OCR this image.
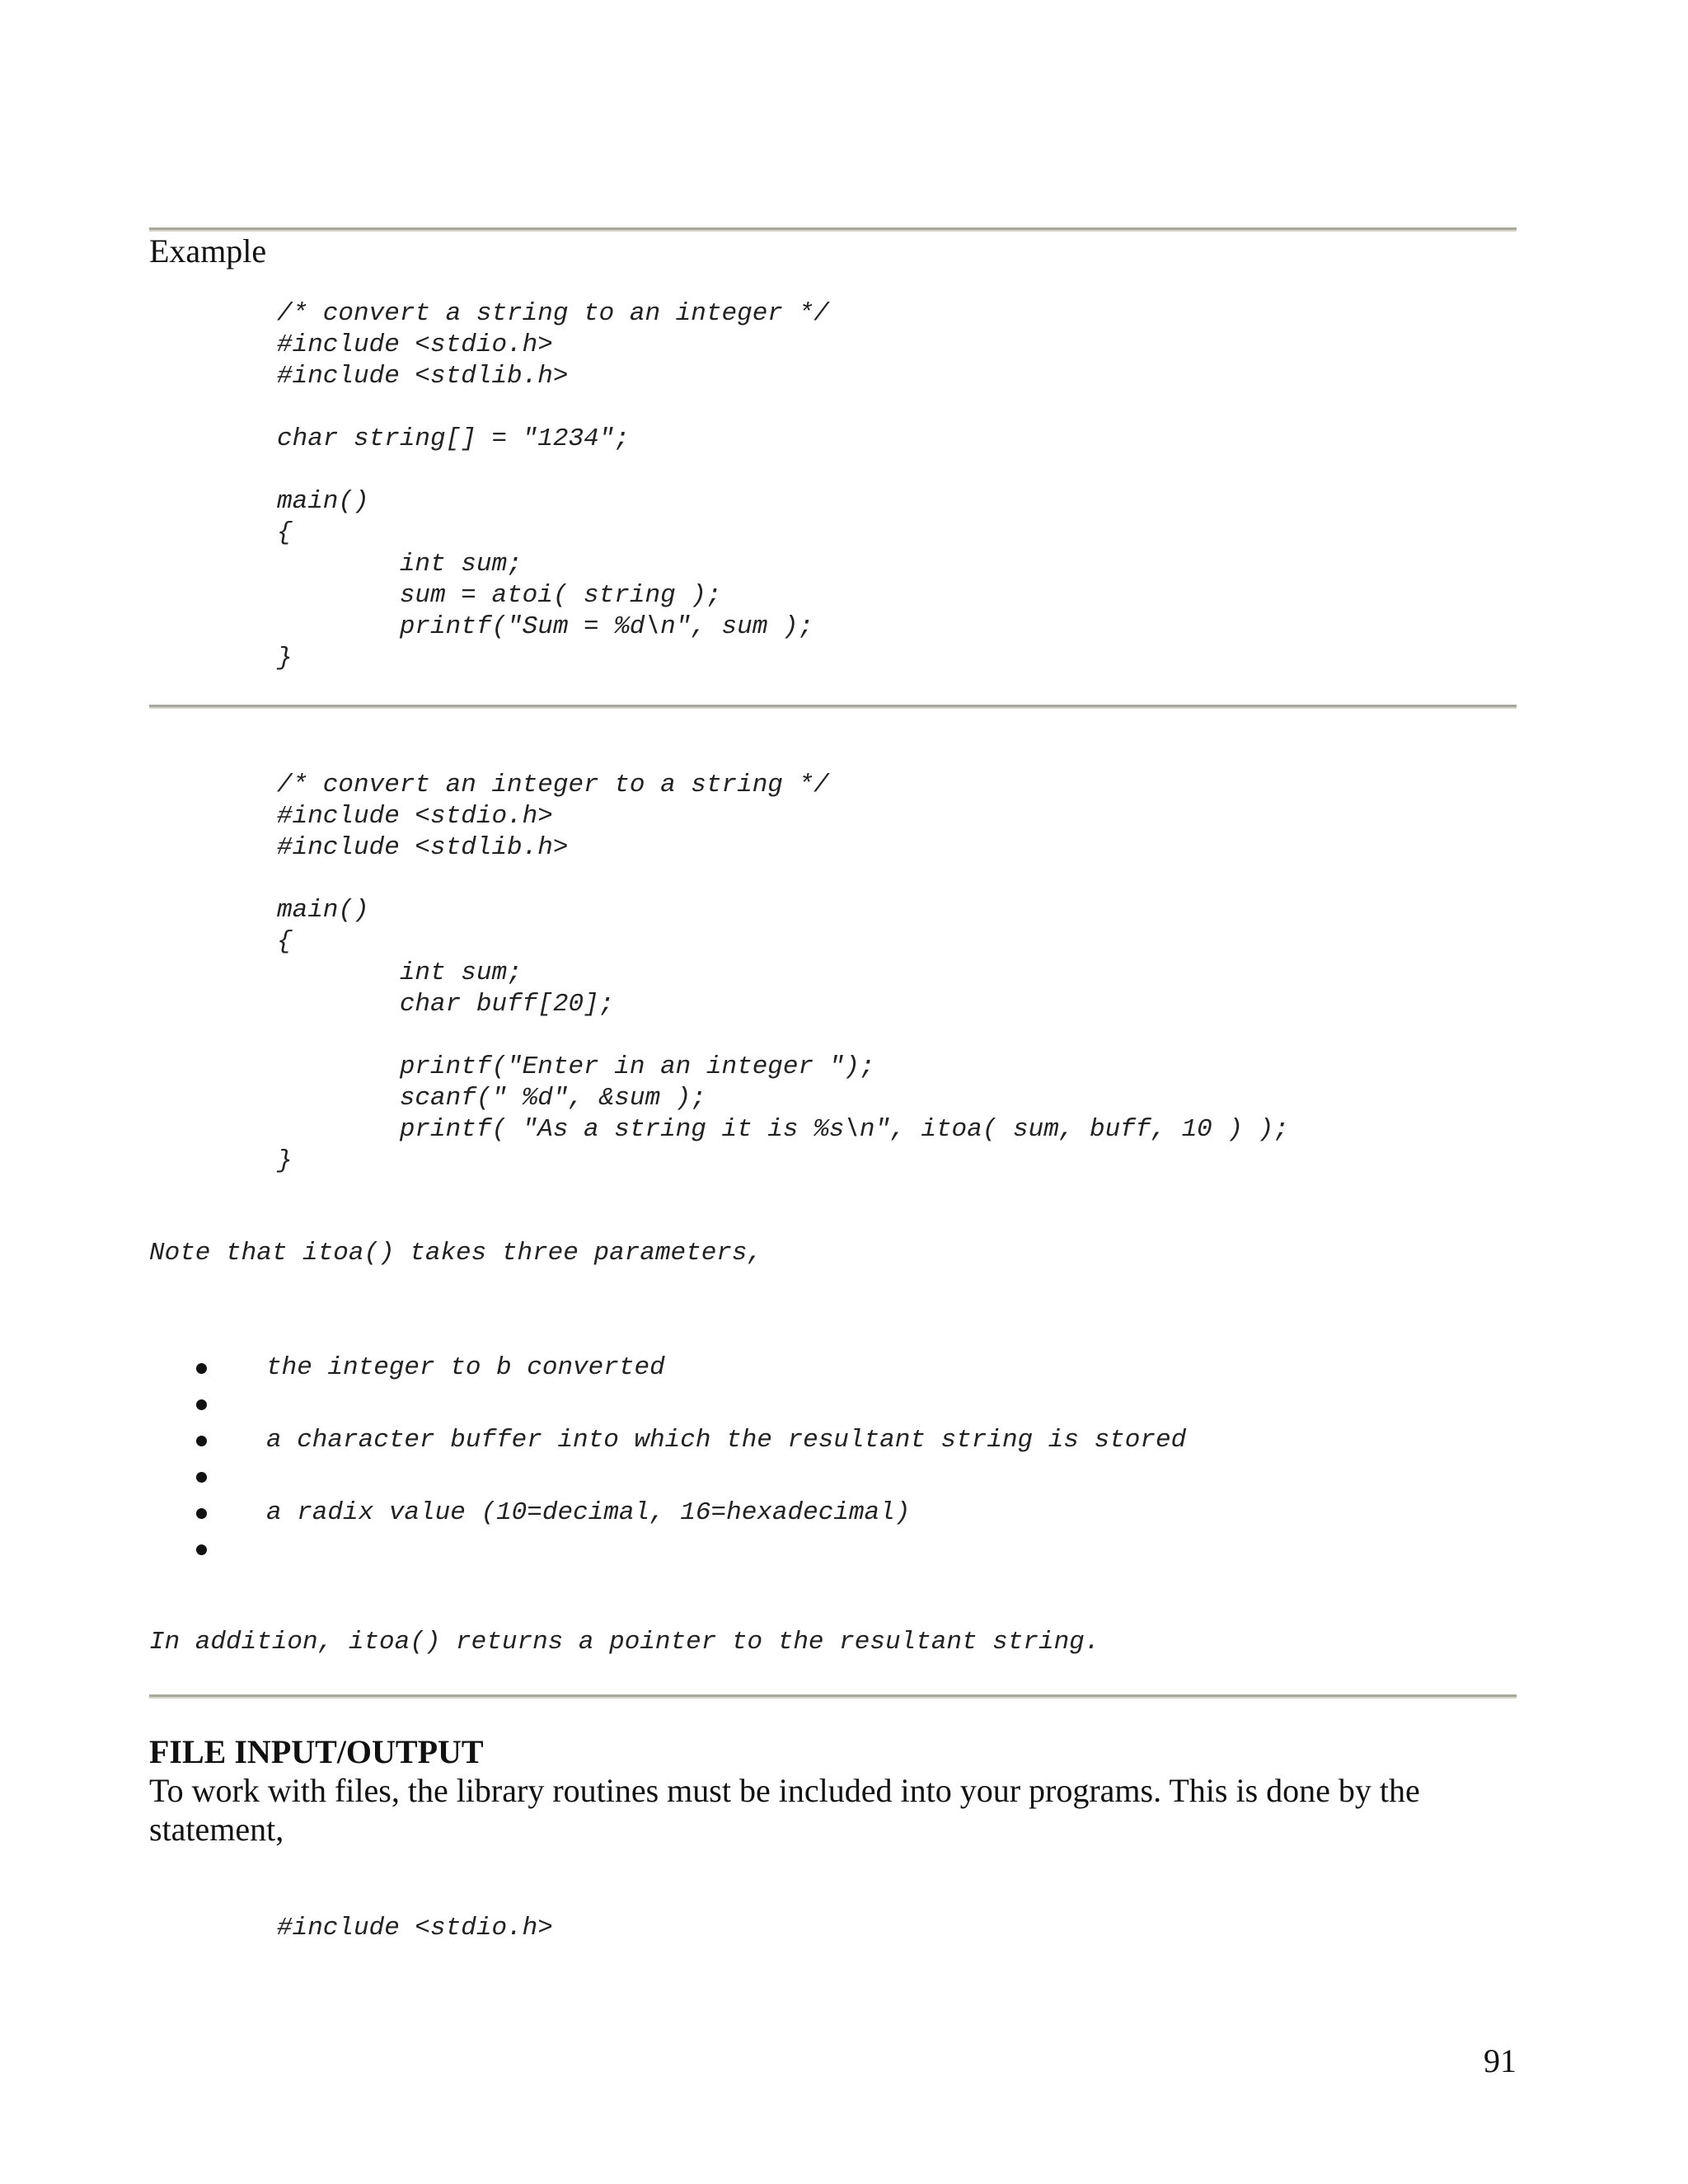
Example
/* convert a string to an integer */
#include <stdio.h>
#include <stdlib.h>
char string[] = "1234";
main()
{
int sum;
sum = atoi( string );
printf("Sum = %d\n", sum );
}
/* convert an integer to a string */
#include <stdio.h>
#include <stdlib.h>
main()
{
int sum;
char buff[20];
printf("Enter in an integer ");
scanf(" %d", &sum );
printf( "As a string it is %s\n", itoa( sum, buff, 10 ) );
}
Note that itoa() takes three parameters,
the integer to b converted
a character buffer into which the resultant string is stored
a radix value (10=decimal, 16=hexadecimal)
In addition, itoa() returns a pointer to the resultant string.
FILE INPUT/OUTPUT
To work with files, the library routines must be included into your programs. This is done by the
statement,
#include <stdio.h>
91
